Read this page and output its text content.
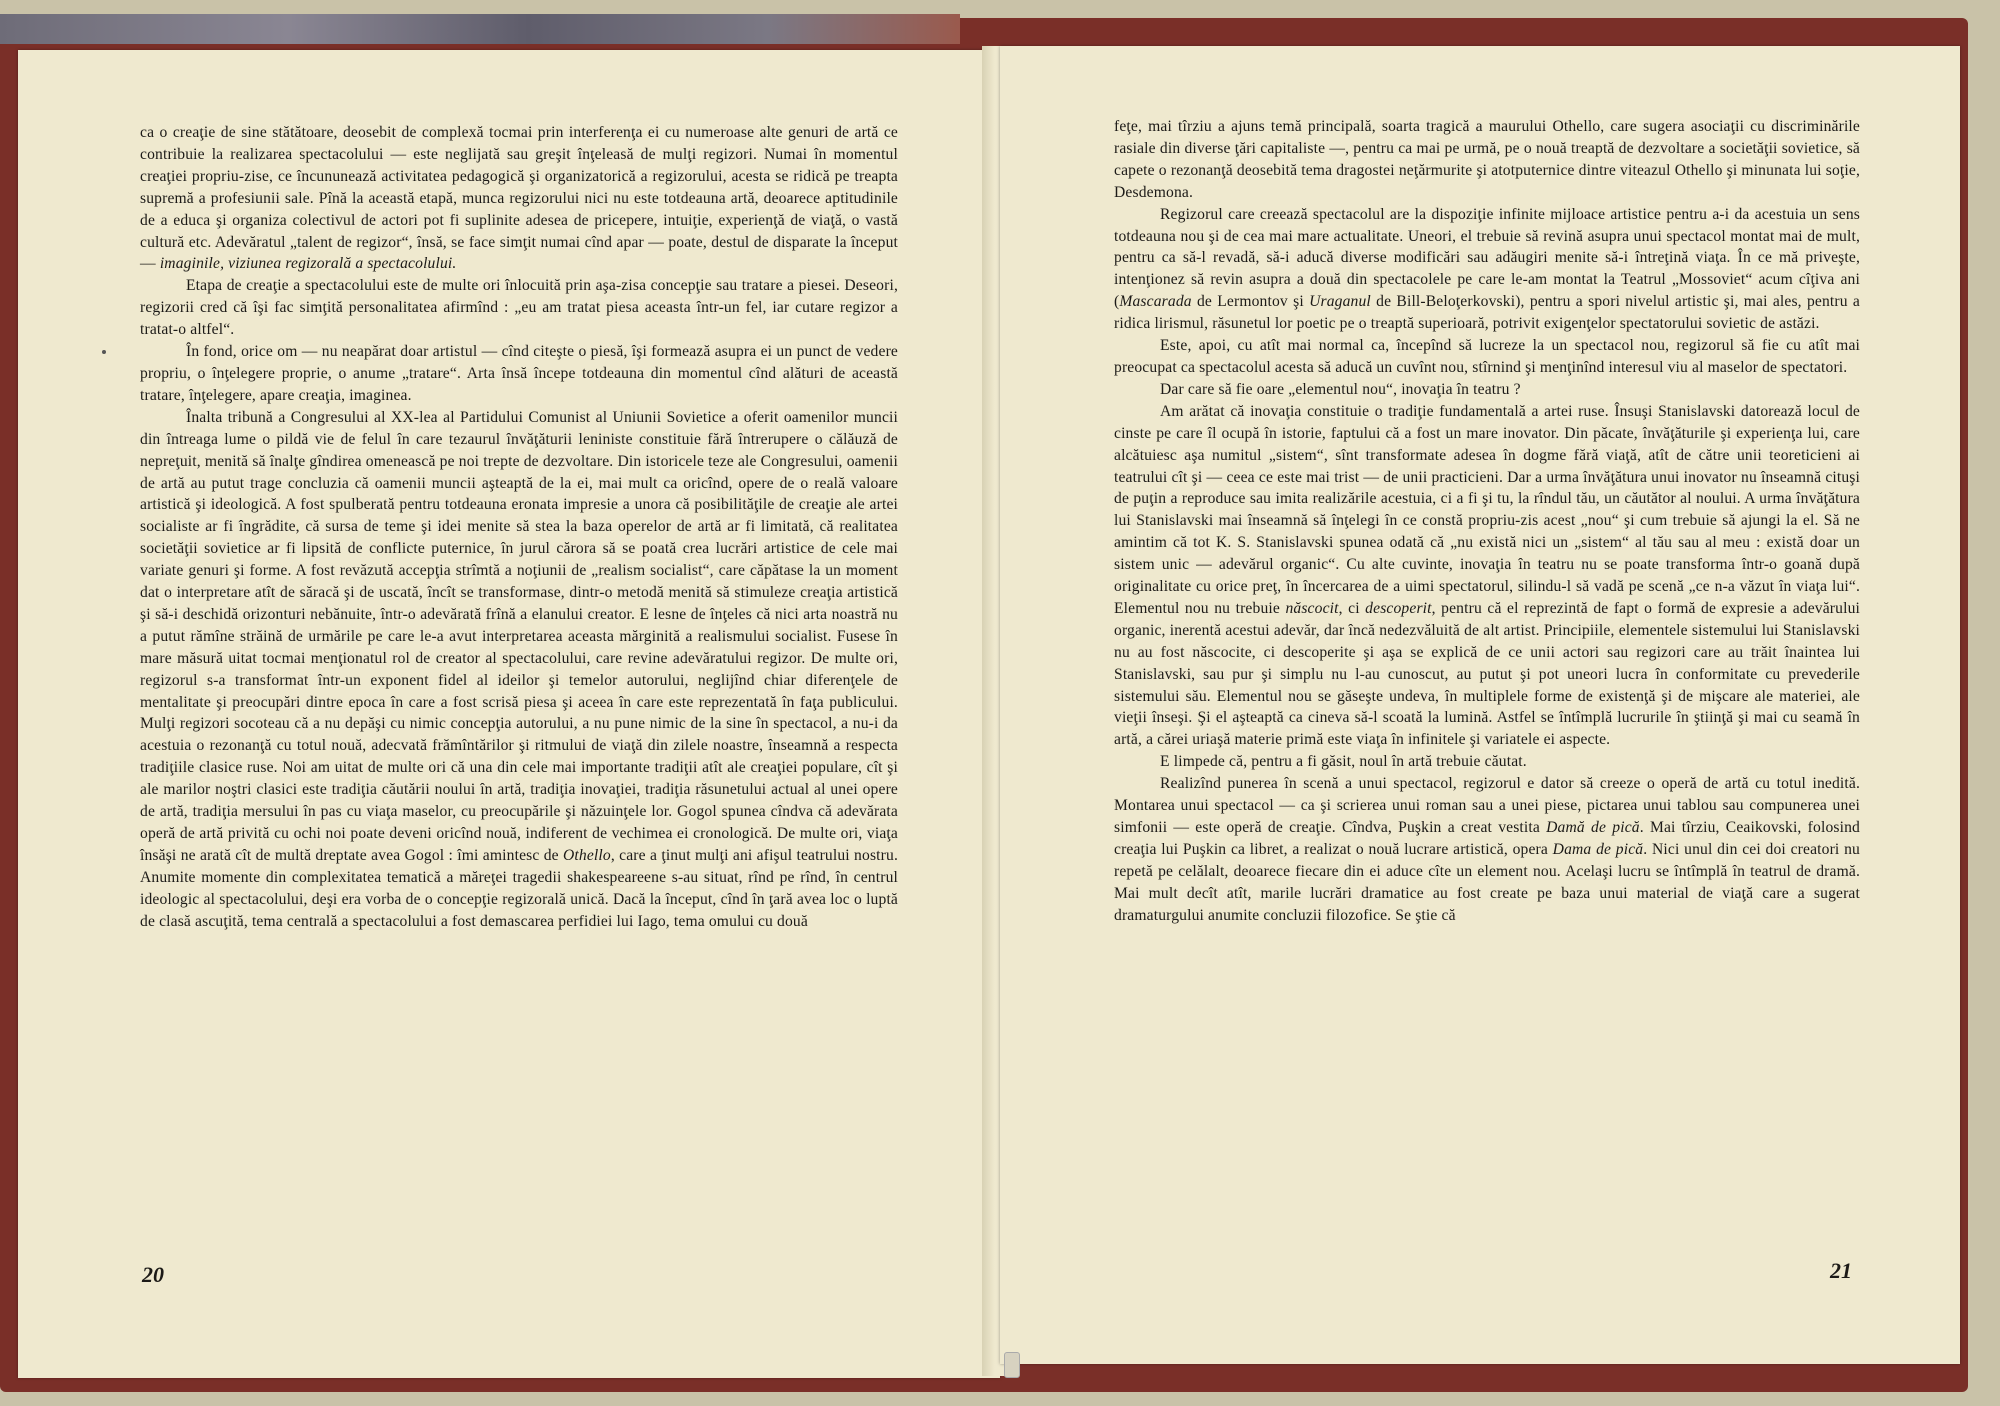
ca o creaţie de sine stătătoare, deosebit de complexă tocmai prin interferenţa ei cu numeroase alte genuri de artă ce contribuie la realizarea spectacolului — este neglijată sau greşit înţeleasă de mulţi regizori. Numai în momentul creaţiei propriu-zise, ce încununează activitatea pedagogică şi organizatorică a regizorului, acesta se ridică pe treapta supremă a profesiunii sale. Pînă la această etapă, munca regizorului nici nu este totdeauna artă, deoarece aptitudinile de a educa şi organiza colectivul de actori pot fi suplinite adesea de pricepere, intuiţie, experienţă de viaţă, o vastă cultură etc. Adevăratul „talent de regizor“, însă, se face simţit numai cînd apar — poate, destul de disparate la început — imaginile, viziunea regizorală a spectacolului.

Etapa de creaţie a spectacolului este de multe ori înlocuită prin aşa-zisa concepţie sau tratare a piesei. Deseori, regizorii cred că îşi fac simţită personalitatea afirmînd : „eu am tratat piesa aceasta într-un fel, iar cutare regizor a tratat-o altfel“.

În fond, orice om — nu neapărat doar artistul — cînd citeşte o piesă, îşi formează asupra ei un punct de vedere propriu, o înţelegere proprie, o anume „tratare“. Arta însă începe totdeauna din momentul cînd alături de această tratare, înţelegere, apare creaţia, imaginea.

Înalta tribună a Congresului al XX-lea al Partidului Comunist al Uniunii Sovietice a oferit oamenilor muncii din întreaga lume o pildă vie de felul în care tezaurul învăţăturii leniniste constituie fără întrerupere o călăuză de nepreţuit, menită să înalţe gîndirea omenească pe noi trepte de dezvoltare. Din istoricele teze ale Congresului, oamenii de artă au putut trage concluzia că oamenii muncii aşteaptă de la ei, mai mult ca oricînd, opere de o reală valoare artistică şi ideologică. A fost spulberată pentru totdeauna eronata impresie a unora că posibilităţile de creaţie ale artei socialiste ar fi îngrădite, că sursa de teme şi idei menite să stea la baza operelor de artă ar fi limitată, că realitatea societăţii sovietice ar fi lipsită de conflicte puternice, în jurul cărora să se poată crea lucrări artistice de cele mai variate genuri şi forme. A fost revăzută accepţia strîmtă a noţiunii de „realism socialist“, care căpătase la un moment dat o interpretare atît de săracă şi de uscată, încît se transformase, dintr-o metodă menită să stimuleze creaţia artistică şi să-i deschidă orizonturi nebănuite, într-o adevărată frînă a elanului creator. E lesne de înţeles că nici arta noastră nu a putut rămîne străină de urmările pe care le-a avut interpretarea aceasta mărginită a realismului socialist. Fusese în mare măsură uitat tocmai menţionatul rol de creator al spectacolului, care revine adevăratului regizor. De multe ori, regizorul s-a transformat într-un exponent fidel al ideilor şi temelor autorului, neglijînd chiar diferenţele de mentalitate şi preocupări dintre epoca în care a fost scrisă piesa şi aceea în care este reprezentată în faţa publicului. Mulţi regizori socoteau că a nu depăşi cu nimic concepţia autorului, a nu pune nimic de la sine în spectacol, a nu-i da acestuia o rezonanţă cu totul nouă, adecvată frămîntărilor şi ritmului de viaţă din zilele noastre, înseamnă a respecta tradiţiile clasice ruse. Noi am uitat de multe ori că una din cele mai importante tradiţii atît ale creaţiei populare, cît şi ale marilor noştri clasici este tradiţia căutării noului în artă, tradiţia inovaţiei, tradiţia răsunetului actual al unei opere de artă, tradiţia mersului în pas cu viaţa maselor, cu preocupările şi năzuinţele lor. Gogol spunea cîndva că adevărata operă de artă privită cu ochi noi poate deveni oricînd nouă, indiferent de vechimea ei cronologică. De multe ori, viaţa însăşi ne arată cît de multă dreptate avea Gogol : îmi amintesc de Othello, care a ţinut mulţi ani afişul teatrului nostru. Anumite momente din complexitatea tematică a măreţei tragedii shakespeareene s-au situat, rînd pe rînd, în centrul ideologic al spectacolului, deşi era vorba de o concepţie regizorală unică. Dacă la început, cînd în ţară avea loc o luptă de clasă ascuţită, tema centrală a spectacolului a fost demascarea perfidiei lui Iago, tema omului cu două

20

feţe, mai tîrziu a ajuns temă principală, soarta tragică a maurului Othello, care sugera asociaţii cu discriminările rasiale din diverse ţări capitaliste —, pentru ca mai pe urmă, pe o nouă treaptă de dezvoltare a societăţii sovietice, să capete o rezonanţă deosebită tema dragostei neţărmurite şi atotputernice dintre viteazul Othello şi minunata lui soţie, Desdemona.

Regizorul care creează spectacolul are la dispoziţie infinite mijloace artistice pentru a-i da acestuia un sens totdeauna nou şi de cea mai mare actualitate. Uneori, el trebuie să revină asupra unui spectacol montat mai de mult, pentru ca să-l revadă, să-i aducă diverse modificări sau adăugiri menite să-i întreţină viaţa. În ce mă priveşte, intenţionez să revin asupra a două din spectacolele pe care le-am montat la Teatrul „Mossoviet“ acum cîţiva ani (Mascarada de Lermontov şi Uraganul de Bill-Beloţerkovski), pentru a spori nivelul artistic şi, mai ales, pentru a ridica lirismul, răsunetul lor poetic pe o treaptă superioară, potrivit exigenţelor spectatorului sovietic de astăzi.

Este, apoi, cu atît mai normal ca, începînd să lucreze la un spectacol nou, regizorul să fie cu atît mai preocupat ca spectacolul acesta să aducă un cuvînt nou, stîrnind şi menţinînd interesul viu al maselor de spectatori.

Dar care să fie oare „elementul nou“, inovaţia în teatru ?

Am arătat că inovaţia constituie o tradiţie fundamentală a artei ruse. Însuşi Stanislavski datorează locul de cinste pe care îl ocupă în istorie, faptului că a fost un mare inovator. Din păcate, învăţăturile şi experienţa lui, care alcătuiesc aşa numitul „sistem“, sînt transformate adesea în dogme fără viaţă, atît de către unii teoreticieni ai teatrului cît şi — ceea ce este mai trist — de unii practicieni. Dar a urma învăţătura unui inovator nu înseamnă cituşi de puţin a reproduce sau imita realizările acestuia, ci a fi şi tu, la rîndul tău, un căutător al noului. A urma învăţătura lui Stanislavski mai înseamnă să înţelegi în ce constă propriu-zis acest „nou“ şi cum trebuie să ajungi la el. Să ne amintim că tot K. S. Stanislavski spunea odată că „nu există nici un „sistem“ al tău sau al meu : există doar un sistem unic — adevărul organic“. Cu alte cuvinte, inovaţia în teatru nu se poate transforma într-o goană după originalitate cu orice preţ, în încercarea de a uimi spectatorul, silindu-l să vadă pe scenă „ce n-a văzut în viaţa lui“. Elementul nou nu trebuie născocit, ci descoperit, pentru că el reprezintă de fapt o formă de expresie a adevărului organic, inerentă acestui adevăr, dar încă nedezvăluită de alt artist. Principiile, elementele sistemului lui Stanislavski nu au fost născocite, ci descoperite şi aşa se explică de ce unii actori sau regizori care au trăit înaintea lui Stanislavski, sau pur şi simplu nu l-au cunoscut, au putut şi pot uneori lucra în conformitate cu prevederile sistemului său. Elementul nou se găseşte undeva, în multiplele forme de existenţă şi de mişcare ale materiei, ale vieţii înseşi. Şi el aşteaptă ca cineva să-l scoată la lumină. Astfel se întîmplă lucrurile în ştiinţă şi mai cu seamă în artă, a cărei uriaşă materie primă este viaţa în infinitele şi variatele ei aspecte.

E limpede că, pentru a fi găsit, noul în artă trebuie căutat.

Realizînd punerea în scenă a unui spectacol, regizorul e dator să creeze o operă de artă cu totul inedită. Montarea unui spectacol — ca şi scrierea unui roman sau a unei piese, pictarea unui tablou sau compunerea unei simfonii — este operă de creaţie. Cîndva, Puşkin a creat vestita Damă de pică. Mai tîrziu, Ceaikovski, folosind creaţia lui Puşkin ca libret, a realizat o nouă lucrare artistică, opera Dama de pică. Nici unul din cei doi creatori nu repetă pe celălalt, deoarece fiecare din ei aduce cîte un element nou. Acelaşi lucru se întîmplă în teatrul de dramă. Mai mult decît atît, marile lucrări dramatice au fost create pe baza unui material de viaţă care a sugerat dramaturgului anumite concluzii filozofice. Se ştie că

21
